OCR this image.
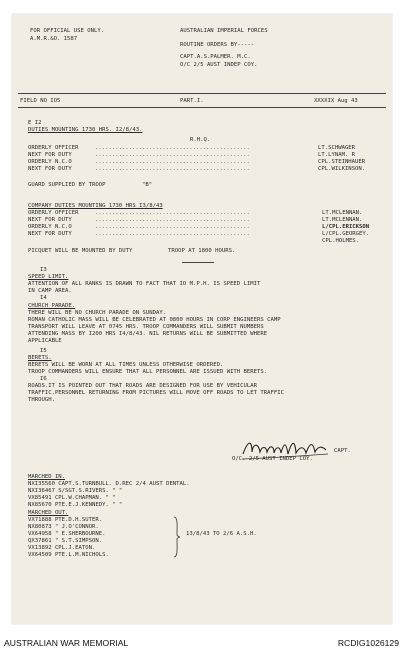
FOR OFFICIAL USE ONLY.
A.M.R.&O. 1587
AUSTRALIAN IMPERIAL FORCES
ROUTINE ORDERS BY-----
CAPT.A.S.PALMER. M.C.
O/C 2/5 AUST INDEP COY.
FIELD NO IO5	PART.I.	XXXXIX Aug 43
E I2
DUTIES MOUNTING 1730 HRS. I2/8/43.
R.H.Q.
ORDERLY OFFICER	..............................................	LT.SCHWAGER
NEXT FOR DUTY	..............................................	LT.LYNAM. R
ORDERLY N.C.O	..............................................	CPL.STEINHAUER
NEXT FOR DUTY	..............................................	CPL.WILKINSON.
GUARD SUPPLIED BY TROOP	"B"
COMPANY DUTIES MOUNTING 1730 HRS I3/8/43
ORDERLY OFFICER	..............................................	LT.MCLENNAN.
NEXT FOR DUTY	..............................................	LT.MCLENNAN.
ORDERLY N.C.O	..............................................	L/CPL.ERICKSON
NEXT FOR DUTY	..............................................	L/CPL.GEORGEY.
CPL.HOLMES.
PICQUET WILL BE MOUNTED BY DUTY	TROOP AT 1800 HOURS.
I3
SPEED LIMIT.
ATTENTION OF ALL RANKS IS DRAWN TO FACT THAT IO M.P.H. IS SPEED LIMIT
IN CAMP AREA.
I4
CHURCH PARADE.
THERE WILL BE NO CHURCH PARADE ON SUNDAY.
ROMAN CATHOLIC MASS WILL BE CELEBRATED AT 0800 HOURS IN CORP ENGINEERS CAMP
TRANSPORT WILL LEAVE AT 0745 HRS. TROOP COMMANDERS WILL SUBMIT NUMBERS
ATTENDING MASS BY I200 HRS I4/8/43. NIL RETURNS WILL BE SUBMITTED WHERE
APPLICABLE
I5
BERETS.
BERETS WILL BE WORN AT ALL TIMES UNLESS OTHERWISE ORDERED.
TROOP COMMANDERS WILL ENSURE THAT ALL PERSONNEL ARE ISSUED WITH BERETS.
I6
ROADS.IT IS POINTED OUT THAT ROADS ARE DESIGNED FOR USE BY VEHICULAR
TRAFFIC.PERSONNEL RETURNING FROM PICTURES WILL MOVE OFF ROADS TO LET TRAFFIC
THROUGH.
CAPT.
O/C. 2/5 AUST INDEP COY.
MARCHED IN.
NXI35560 CAPT.S.TURNBULL. D.REC 2/4 AUST DENTAL.
NXI36467 S/SGT.S.RIVERS. " "
VX85491 CPL.W.CHAPMAN. " "
NX85670 PTE.E.J.KENNEDY. " "
MARCHED OUT.
VX71888 PTE.D.H.SUTER.
NX80873 " J.O'CONNOR.
VX64958 " E.SHERBOURNE.
QX37861 " S.T.SIMPSON.
VX13892 CPL.J.EATON.
VX64509 PTE.L.M.NICHOLS.
13/8/43 TO 2/6 A.S.H.
AUSTRALIAN WAR MEMORIAL	RCDIG1026129
